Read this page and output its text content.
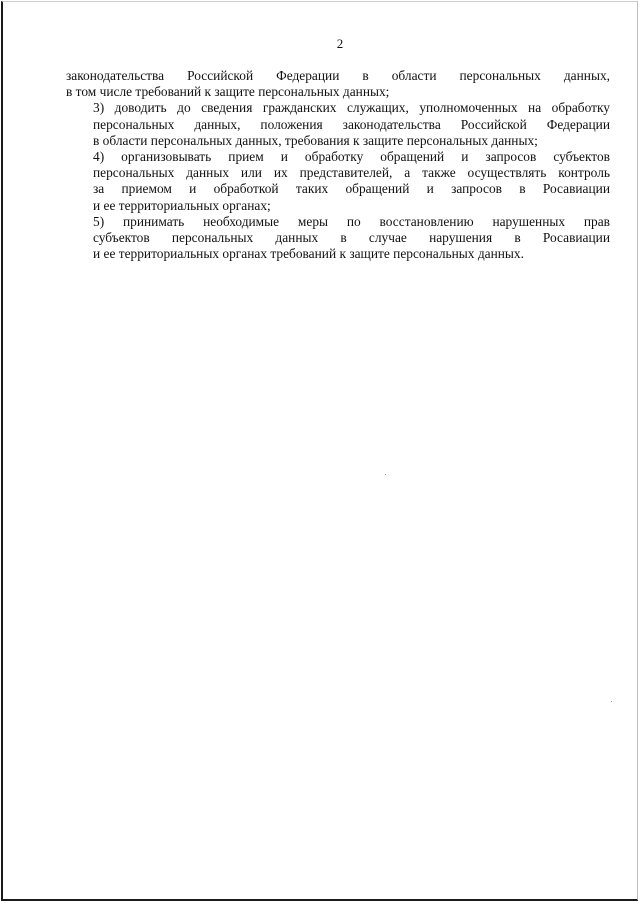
2

законодательства Российской Федерации в области персональных данных,
в том числе требований к защите персональных данных;

3) доводить до сведения гражданских служащих, уполномоченных на обработку
персональных данных, положения законодательства Российской Федерации
в области персональных данных, требования к защите персональных данных;

4) организовывать прием и обработку обращений и запросов субъектов
персональных данных или их представителей, а также осуществлять контроль
за приемом и обработкой таких обращений и запросов в Росавиации
и ее территориальных органах;

5) принимать необходимые меры по восстановлению нарушенных прав
субъектов персональных данных в случае нарушения в Росавиации
и ее территориальных органах требований к защите персональных данных.
